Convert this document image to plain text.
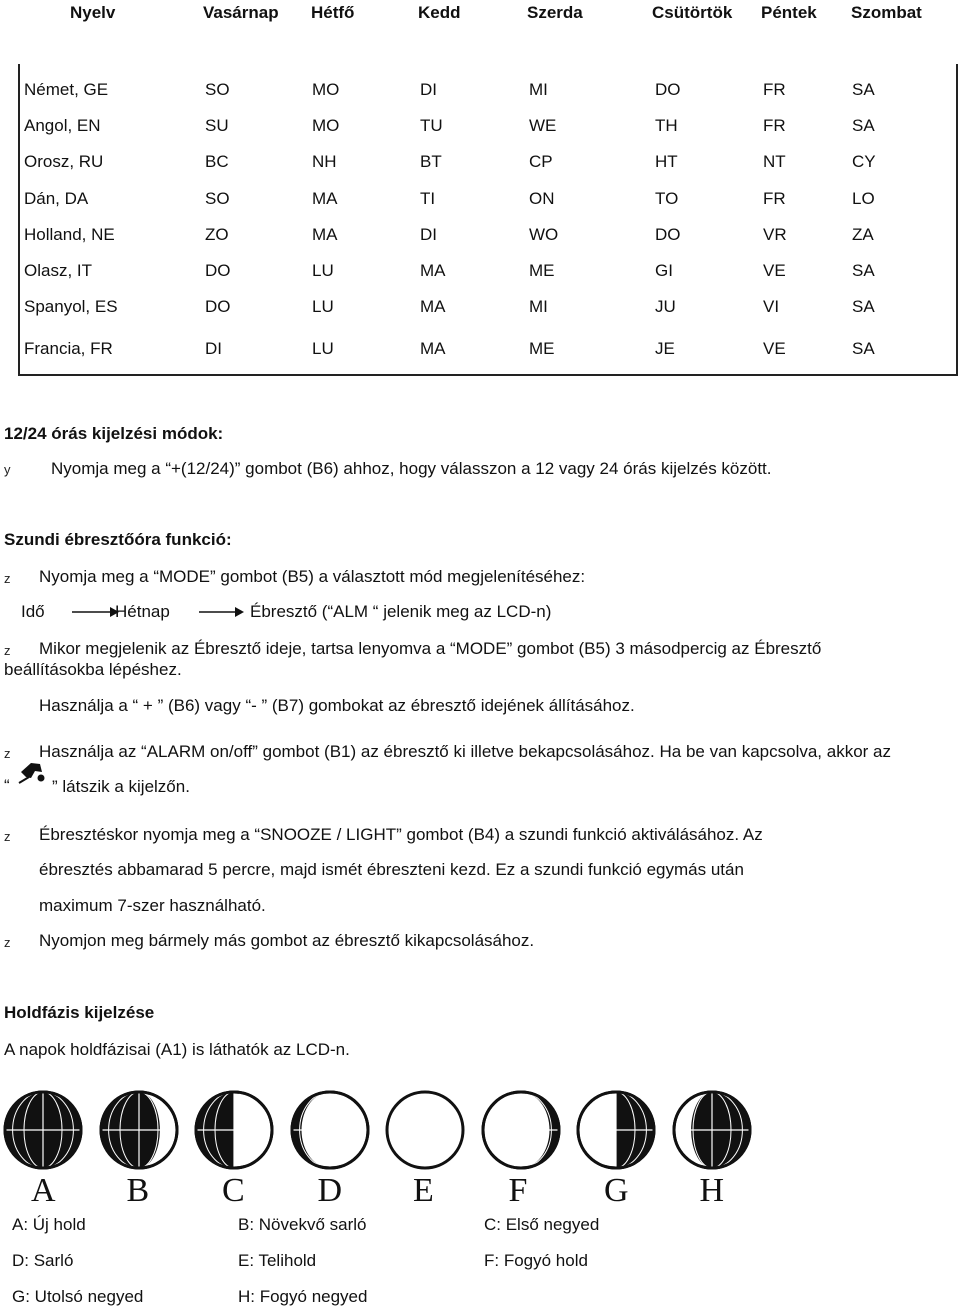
Nyelv	Vasárnap Hétfő	Kedd	Szerda	Csütörtök Péntek Szombat
Német, GE	SO	MO	DI	MI	DO	FR	SA
Angol, EN	SU	MO	TU	WE	TH	FR	SA
Orosz, RU	BC	NH	BT	CP	HT	NT	CY
Dán, DA	SO	MA	TI	ON	TO	FR	LO
Holland, NE	ZO	MA	DI	WO	DO	VR	ZA
Olasz, IT	DO	LU	MA	ME	GI	VE	SA
Spanyol, ES	DO	LU	MA	MI	JU	VI	SA
Francia, FR	DI	LU	MA	ME	JE	VE	SA
12/24 órás kijelzési módok:
y Nyomja meg a “+(12/24)” gombot (B6) ahhoz, hogy válasszon a 12 vagy 24 órás kijelzés között.
Szundi ébresztőóra funkció:
z Nyomja meg a “MODE” gombot (B5) a választott mód megjelenítéséhez:
Idő	Hétnap	Ébresztő (“ALM “ jelenik meg az LCD-n)
z Mikor megjelenik az Ébresztő ideje, tartsa lenyomva a “MODE” gombot (B5) 3 másodpercig az Ébresztő
beállításokba lépéshez.
Használja a “ + ” (B6) vagy “- ” (B7) gombokat az ébresztő idejének állításához.
z Használja az “ALARM on/off” gombot (B1) az ébresztő ki illetve bekapcsolásához. Ha be van kapcsolva, akkor az
“ ” látszik a kijelzőn.
z Ébresztéskor nyomja meg a “SNOOZE / LIGHT” gombot (B4) a szundi funkció aktiválásához. Az
ébresztés abbamarad 5 percre, majd ismét ébreszteni kezd. Ez a szundi funkció egymás után
maximum 7-szer használható.
z Nyomjon meg bármely más gombot az ébresztő kikapcsolásához.
Holdfázis kijelzése
A napok holdfázisai (A1) is láthatók az LCD-n.
A B C D E F G H
A: Új hold	B: Növekvő sarló	C: Első negyed
D: Sarló	E: Telihold	F: Fogyó hold
G: Utolsó negyed	H: Fogyó negyed
